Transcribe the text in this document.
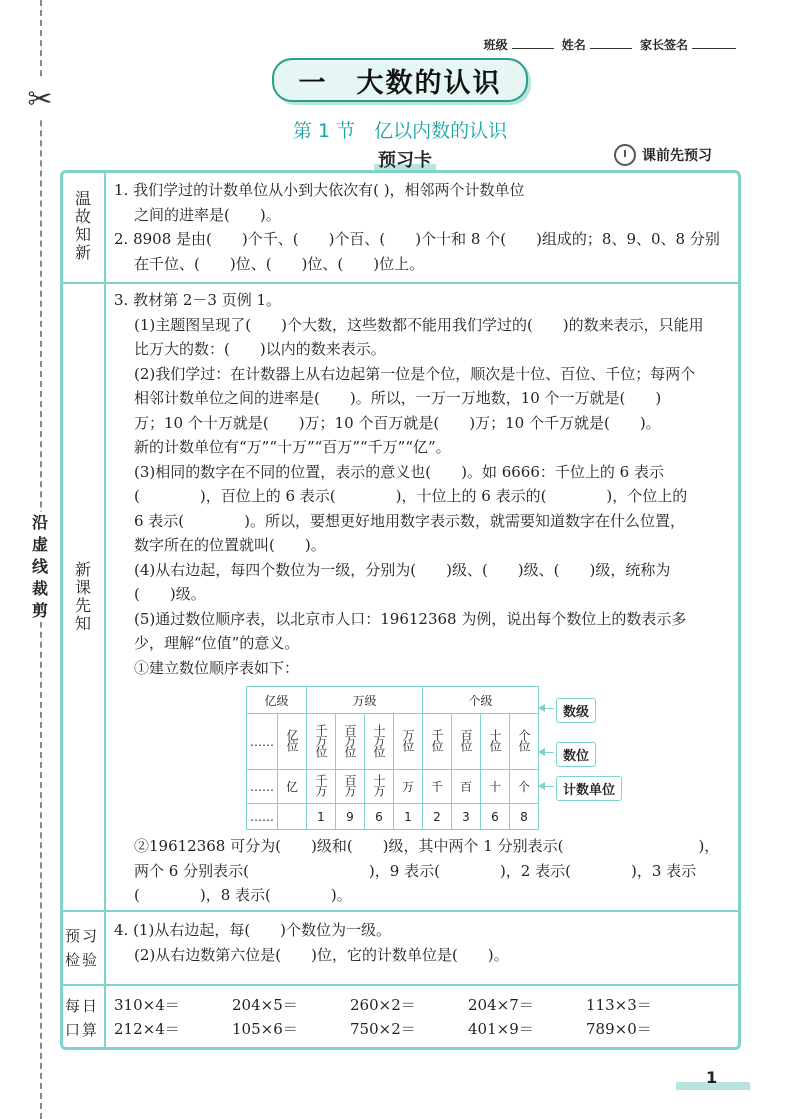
✂
沿虚线裁剪
班级	姓名	家长签名
一　大数的认识
第 1 节　亿以内数的认识
预习卡	课前先预习
温故知新 1. 我们学过的计数单位从小到大依次有( )，相邻两个计数单位

之间的进率是(　　)。

2. 8908 是由(　　)个千、(　　)个百、(　　)个十和 8 个(　　)组成的；8、9、0、8 分别

在千位、(　　)位、(　　)位、(　　)位上。

新课先知

3. 教材第 2－3 页例 1。

(1)主题图呈现了(　　)个大数，这些数都不能用我们学过的(　　)的数来表示，只能用

比万大的数：(　　)以内的数来表示。

(2)我们学过：在计数器上从右边起第一位是个位，顺次是十位、百位、千位；每两个

相邻计数单位之间的进率是(　　)。所以，一万一万地数，10 个一万就是(　　)

万；10 个十万就是(　　)万；10 个百万就是(　　)万；10 个千万就是(　　)。

新的计数单位有“万”“十万”“百万”“千万”“亿”。

(3)相同的数字在不同的位置，表示的意义也(　　)。如 6666：千位上的 6 表示

(　　　　)，百位上的 6 表示(　　　　)，十位上的 6 表示的(　　　　)，个位上的

6 表示(　　　　)。所以，要想更好地用数字表示数，就需要知道数字在什么位置，

数字所在的位置就叫(　　)。

(4)从右边起，每四个数位为一级，分别为(　　)级、(　　)级、(　　)级，统称为

(　　)级。

(5)通过数位顺序表，以北京市人口：19612368 为例，说出每个数位上的数表示多

少，理解“位值”的意义。

①建立数位顺序表如下：

②19612368 可分为(　　)级和(　　)级，其中两个 1 分别表示(　　　　　　　　　)，

两个 6 分别表示(　　　　　　　　)，9 表示(　　　　)，2 表示(　　　　)，3 表示

(　　　　)，8 表示(　　　　)。

亿级		万级				个级			
……	亿位	千万位	百万位	十万位	万位	千位	百位	十位	个位
……	亿	千万	百万	十万	万	千	百	十	个
……		1	9	6	1	2	3	6	8
数级
数位
计数单位
预习检验

4. (1)从右边起，每(　　)个数位为一级。

(2)从右边数第六位是(　　)位，它的计数单位是(　　)。

每日口算
310×4＝	204×5＝	260×2＝	204×7＝	113×3＝
212×4＝	105×6＝	750×2＝	401×9＝	789×0＝
1
